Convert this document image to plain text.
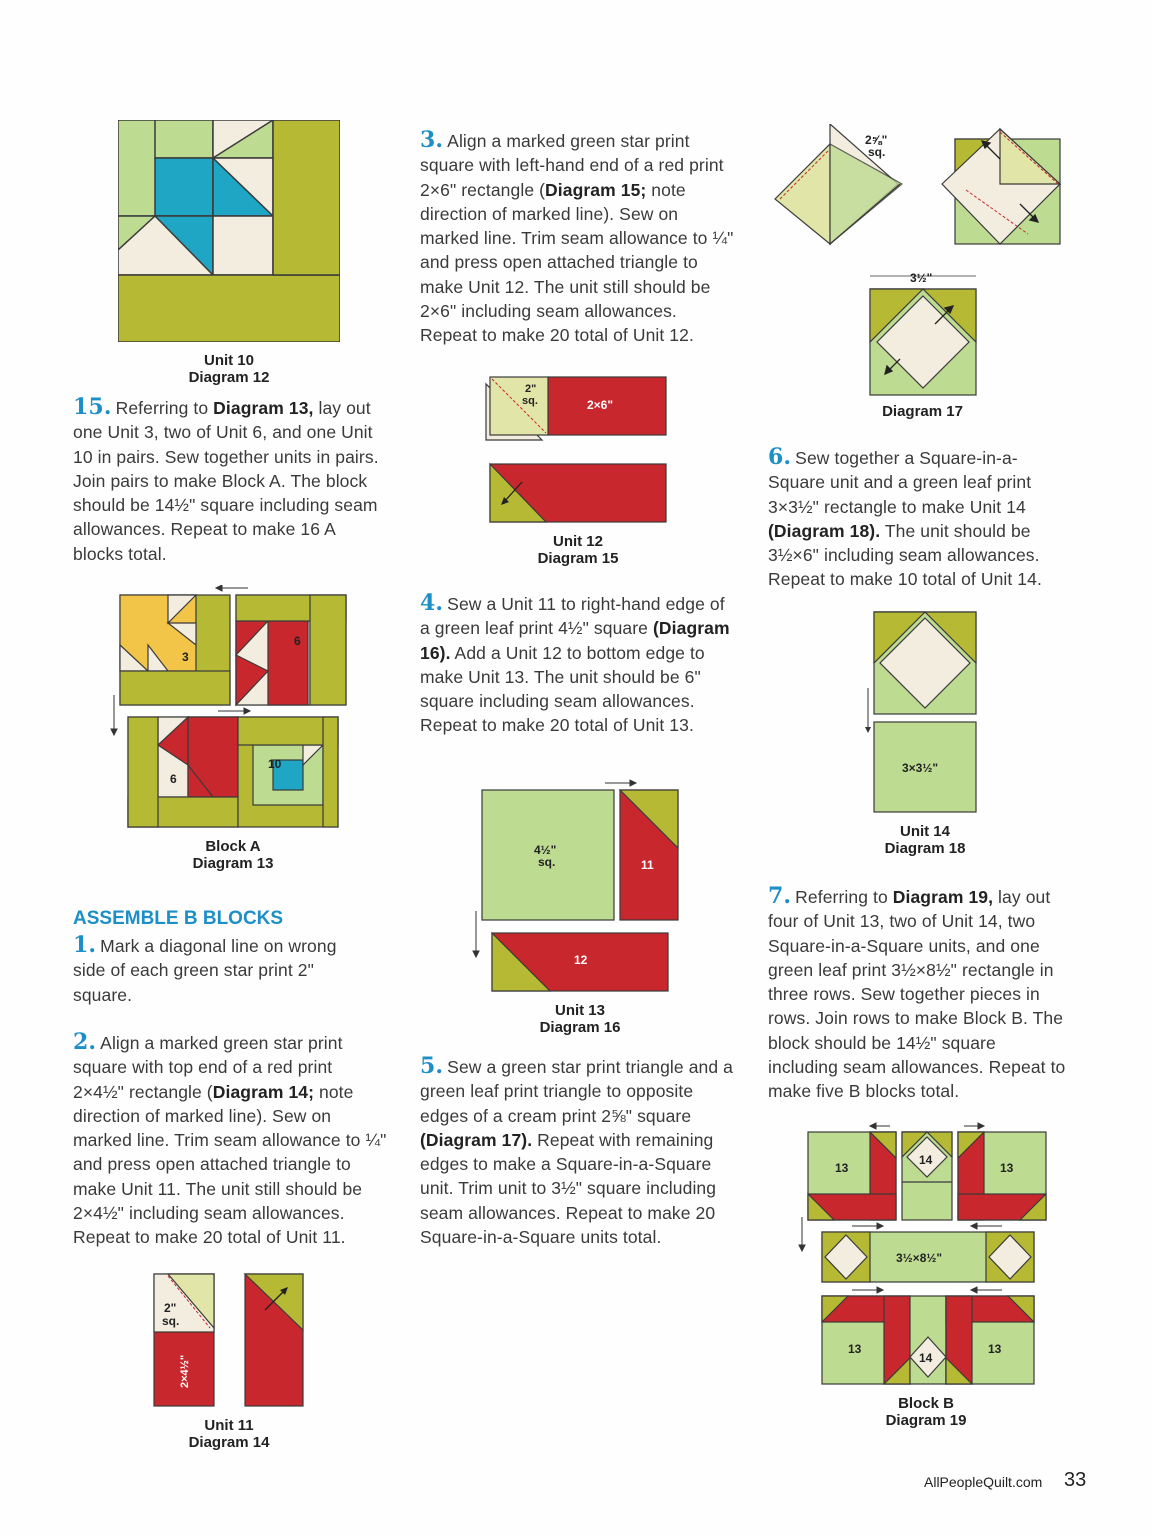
Unit 10
Diagram 12
15. Referring to Diagram 13, lay out one Unit 3, two of Unit 6, and one Unit 10 in pairs. Sew together units in pairs. Join pairs to make Block A. The block should be 14½" square including seam allowances. Repeat to make 16 A blocks total.
3
6
6
10
Block A
Diagram 13
ASSEMBLE B BLOCKS
1. Mark a diagonal line on wrong side of each green star print 2" square.
2. Align a marked green star print square with top end of a red print 2×4½" rectangle (Diagram 14; note direction of marked line). Sew on marked line. Trim seam allowance to ¼" and press open attached triangle to make Unit 11. The unit still should be 2×4½" including seam allowances. Repeat to make 20 total of Unit 11.
2"
sq.
2×4½"
Unit 11
Diagram 14
3. Align a marked green star print square with left-hand end of a red print 2×6" rectangle (Diagram 15; note direction of marked line). Sew on marked line. Trim seam allowance to ¼" and press open attached triangle to make Unit 12. The unit still should be 2×6" including seam allowances. Repeat to make 20 total of Unit 12.
2"
sq.	2×6"
Unit 12
Diagram 15
4. Sew a Unit 11 to right-hand edge of a green leaf print 4½" square (Diagram 16). Add a Unit 12 to bottom edge to make Unit 13. The unit should be 6" square including seam allowances. Repeat to make 20 total of Unit 13.
4½"
sq.	11
12
Unit 13
Diagram 16
5. Sew a green star print triangle and a green leaf print triangle to opposite edges of a cream print 2⅝" square (Diagram 17). Repeat with remaining edges to make a Square-in-a-Square unit. Trim unit to 3½" square including seam allowances. Repeat to make 20 Square-in-a-Square units total.
3½"
2⅝"
sq.
Diagram 17
6. Sew together a Square-in-a-Square unit and a green leaf print 3×3½" rectangle to make Unit 14 (Diagram 18). The unit should be 3½×6" including seam allowances. Repeat to make 10 total of Unit 14.
3×3½"
Unit 14
Diagram 18
7. Referring to Diagram 19, lay out four of Unit 13, two of Unit 14, two Square-in-a-Square units, and one green leaf print 3½×8½" rectangle in three rows. Sew together pieces in rows. Join rows to make Block B. The block should be 14½" square including seam allowances. Repeat to make five B blocks total.
13
14
13
3½×8½"
13
14
13
Block B
Diagram 19
AllPeopleQuilt.com 33
